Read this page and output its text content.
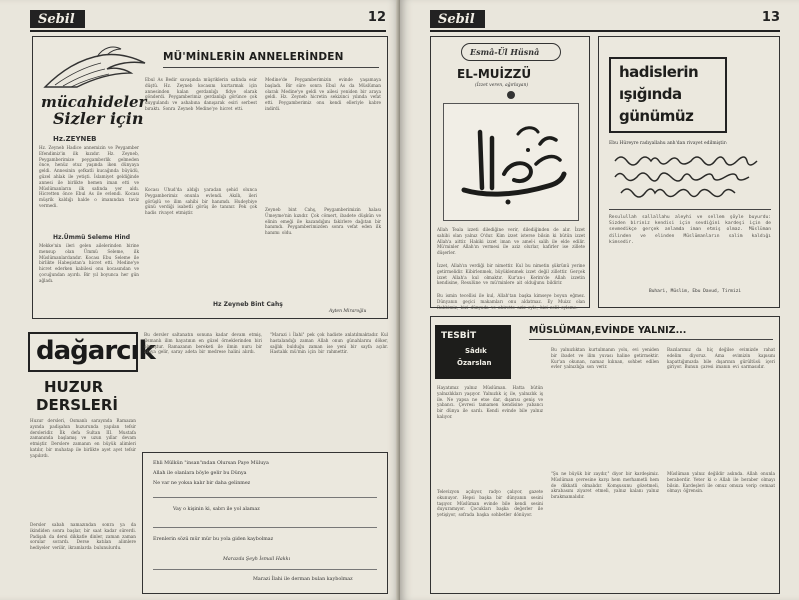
Sebil	12
mücahideler
Sizler için
MÜ'MİNLERİN ANNELERİNDEN
Hz.ZEYNEB
Hz. Zeyneb Hadice annemizin ve Peygamber Efendimiz'in ilk kızıdır. Hz. Zeyneb, Peygamberimize peygamberlik gelmeden önce, henüz otuz yaşında iken dünyaya geldi. Annesinin şefkatli kucağında büyüdü, güzel ahlak ile yetişti. İslamiyet geldiğinde annesi ile birlikte hemen iman etti ve Müslümanların ilk safında yer aldı. Hicretten önce Ebul As ile evlendi. Kocası müşrik kaldığı halde o imanından taviz vermedi.
Hz.Ümmü Seleme Hind
Mekke'nin ileri gelen ailelerinden birine mensup olan Ümmü Seleme, ilk Müslümanlardandır. Kocası Ebu Seleme ile birlikte Habeşistan'a hicret etti. Medine'ye hicret ederken kabilesi onu kocasından ve çocuğundan ayırdı. Bir yıl boyunca her gün ağladı.
Ebul As Bedir savaşında müşriklerin safında esir düştü. Hz. Zeyneb kocasını kurtarmak için annesinden kalan gerdanlığı fidye olarak gönderdi. Peygamberimiz gerdanlığı görünce çok duygulandı ve ashabına danışarak esiri serbest bıraktı. Sonra Zeyneb Medine'ye hicret etti.
Kocası Uhud'da aldığı yaradan şehid olunca Peygamberimiz onunla evlendi. Akıllı, ileri görüşlü ve ilim sahibi bir hanımdı. Hudeybiye günü verdiği isabetli görüş ile tanınır. Pek çok hadis rivayet etmiştir.
Medine'de Peygamberimizin evinde yaşamaya başladı. Bir süre sonra Ebul As da Müslüman olarak Medine'ye geldi ve ailesi yeniden bir araya geldi. Hz. Zeyneb hicretin sekizinci yılında vefat etti. Peygamberimiz onu kendi elleriyle kabre indirdi.
Zeyneb bint Cahş, Peygamberimizin halası Ümeyme'nin kızıdır. Çok cömert, ibadete düşkün ve elinin emeği ile kazandığını fakirlere dağıtan bir hanımdı. Peygamberimizden sonra vefat eden ilk hanımı oldu.
Hz Zeyneb Bint Cahş
Ayten Miraroğlu
dağarcık
HUZUR
DERSLERİ
Huzur dersleri, Osmanlı sarayında Ramazan ayında padişahın huzurunda yapılan tefsir dersleridir. İlk defa Sultan III. Mustafa zamanında başlamış ve uzun yıllar devam etmiştir. Derslere zamanın en büyük alimleri katılır, bir muhatap ile birlikte ayet ayet tefsir yapılırdı.
Dersler sabah namazından sonra ya da ikindiden sonra başlar, bir saat kadar sürerdi. Padişah da dersi dikkatle dinler, zaman zaman sorular sorardı. Derse katılan alimlere hediyeler verilir, ikramlarda bulunulurdu.
Bu dersler saltanatın sonuna kadar devam etmiş, Osmanlı ilim hayatının en güzel örneklerinden biri olmuştur. Ramazanın bereketi ile ilmin nuru bir araya gelir, saray adeta bir medrese halini alırdı.
"Marazi i İlahi" pek çok hadiste anlatılmaktadır. Kul hastalandığı zaman Allah onun günahlarını döker, sağlık bulduğu zaman ise yeni bir sayfa açılır. Hastalık mü'min için bir rahmettir.
Ehli Mülkün "insan"ından Olursan Paye Müluya
Allah ile olanlara böyle gelir bu Dünya
Ne var ne yoksa kalır bir daha gelinmez
Vay o kişinin ki, sabrı ile yol alamaz
Erenlerin sözü mür mür bu yola giden kaybolmaz
Marazda Şeyh İsmail Hakkı
Marazi İlahi ile derman bulan kaybolmaz
Sebil	13
Esmâ-Ül Hüsnâ
EL-MUİZZÜ
(İzzet veren, ağırlayan)
Allah Teala izzeti dilediğine verir, dilediğinden de alır. İzzet sahibi olan yalnız O'dur. Kim izzet isterse bilsin ki bütün izzet Allah'a aittir. Hakiki izzet iman ve amel-i salih ile elde edilir. Mü'minler Allah'ın vermesi ile aziz olurlar, kafirler ise zillete düşerler.
İzzet, Allah'ın verdiği bir nimettir. Kul bu nimetin şükrünü yerine getirmelidir. Kibirlenmek, büyüklenmek izzet değil zillettir. Gerçek izzet Allah'a kul olmaktır. Kur'an-ı Kerim'de Allah izzetin kendisine, Resulüne ve mü'minlere ait olduğunu bildirir.
Bu ismin tecellisi ile kul, Allah'tan başka kimseye boyun eğmez. Dünyanın geçici makamları onu aldatmaz. Ey Muizz olan Rabbimiz, bizi dünyada ve ahirette aziz eyle, bizi zelil eyleme.
hadislerin
ışığında
günümüz
Ebu Hüreyre radıyallahu anh'dan rivayet edilmiştir:
Resulullah sallallahu aleyhi ve sellem şöyle buyurdu: Sizden biriniz kendisi için sevdiğini kardeşi için de sevmedikçe gerçek anlamda iman etmiş olmaz. Müslüman dilinden ve elinden Müslümanların salim kaldığı kimsedir.
Buhari, Müslim, Ebu Davud, Tirmizi
TESBİT
Sâdık
Özarslan
MÜSLÜMAN,EVİNDE YALNIZ...
Hayatımız yalnız Müslüman. Hatta bütün yalnızlıkları yaşıyor. Yalnızlık iç ile, yalnızlık iş ile. Ne yapsa ne etse dar, dışarısı geniş ve yabancı. Çevresi tamamen kendisine yabancı bir dünya ile sarılı. Kendi evinde bile yalnız kalıyor.
Televizyon açılıyor, radyo çalıyor, gazete okunuyor. Hepsi başka bir dünyanın sesini taşıyor. Müslüman evinde bile kendi sesini duyuramıyor. Çocukları başka değerler ile yetişiyor, sofrada başka sohbetler dönüyor.
Bu yalnızlıktan kurtulmanın yolu, evi yeniden bir ibadet ve ilim yuvası haline getirmektir. Kur'an okunan, namaz kılınan, sohbet edilen evler yalnızlığa son verir.
"Şu ne büyük bir zaydır," diyor bir kardeşimiz. Müslüman çevresine karşı hem merhametli hem de dikkatli olmalıdır. Komşusunu gözetmeli, akrabasını ziyaret etmeli, yalnız kalanı yalnız bırakmamalıdır.
Bazılarımız da hiç değilse evimizde rahat edelim diyoruz. Ama evimizin kapısını kapattığımızda bile dışarının gürültüsü içeri giriyor. Bunun çaresi imanın evi sarmasıdır.
Müslüman yalnız değildir aslında. Allah onunla beraberdir. Yeter ki o Allah ile beraber olmayı bilsin. Kardeşleri ile omuz omuza verip cemaat olmayı öğrensin.
